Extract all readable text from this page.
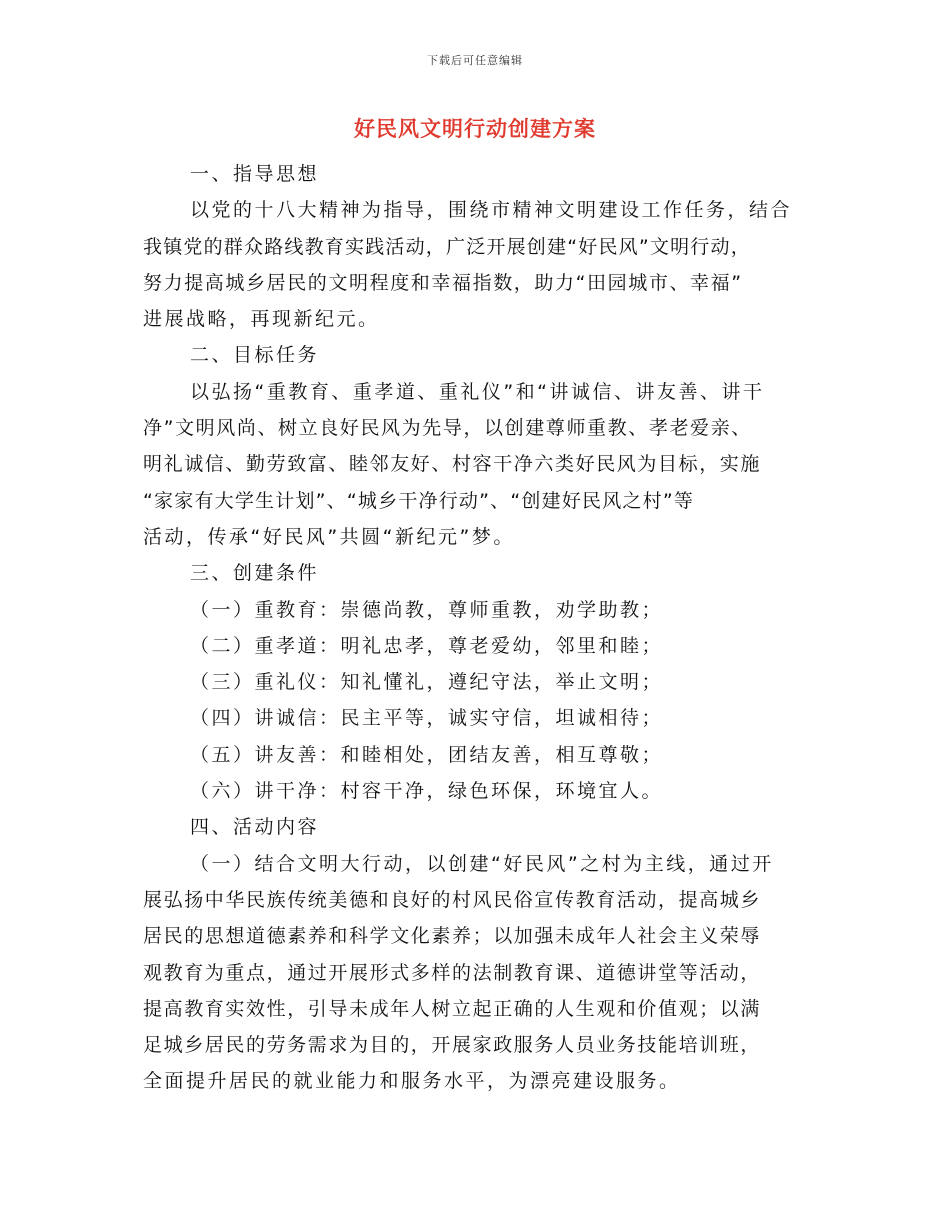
下载后可任意编辑
好民风文明行动创建方案
一、指导思想
以党的十八大精神为指导，围绕市精神文明建设工作任务，结合
我镇党的群众路线教育实践活动，广泛开展创建“好民风”文明行动，
努力提高城乡居民的文明程度和幸福指数，助力“田园城市、幸福”
进展战略，再现新纪元。
二、目标任务
以弘扬“重教育、重孝道、重礼仪”和“讲诚信、讲友善、讲干
净”文明风尚、树立良好民风为先导，以创建尊师重教、孝老爱亲、
明礼诚信、勤劳致富、睦邻友好、村容干净六类好民风为目标，实施
“家家有大学生计划”、“城乡干净行动”、“创建好民风之村”等
活动，传承“好民风”共圆“新纪元”梦。
三、创建条件
（一）重教育：崇德尚教，尊师重教，劝学助教；
（二）重孝道：明礼忠孝，尊老爱幼，邻里和睦；
（三）重礼仪：知礼懂礼，遵纪守法，举止文明；
（四）讲诚信：民主平等，诚实守信，坦诚相待；
（五）讲友善：和睦相处，团结友善，相互尊敬；
（六）讲干净：村容干净，绿色环保，环境宜人。
四、活动内容
（一）结合文明大行动，以创建“好民风”之村为主线，通过开
展弘扬中华民族传统美德和良好的村风民俗宣传教育活动，提高城乡
居民的思想道德素养和科学文化素养；以加强未成年人社会主义荣辱
观教育为重点，通过开展形式多样的法制教育课、道德讲堂等活动，
提高教育实效性，引导未成年人树立起正确的人生观和价值观；以满
足城乡居民的劳务需求为目的，开展家政服务人员业务技能培训班，
全面提升居民的就业能力和服务水平，为漂亮建设服务。
